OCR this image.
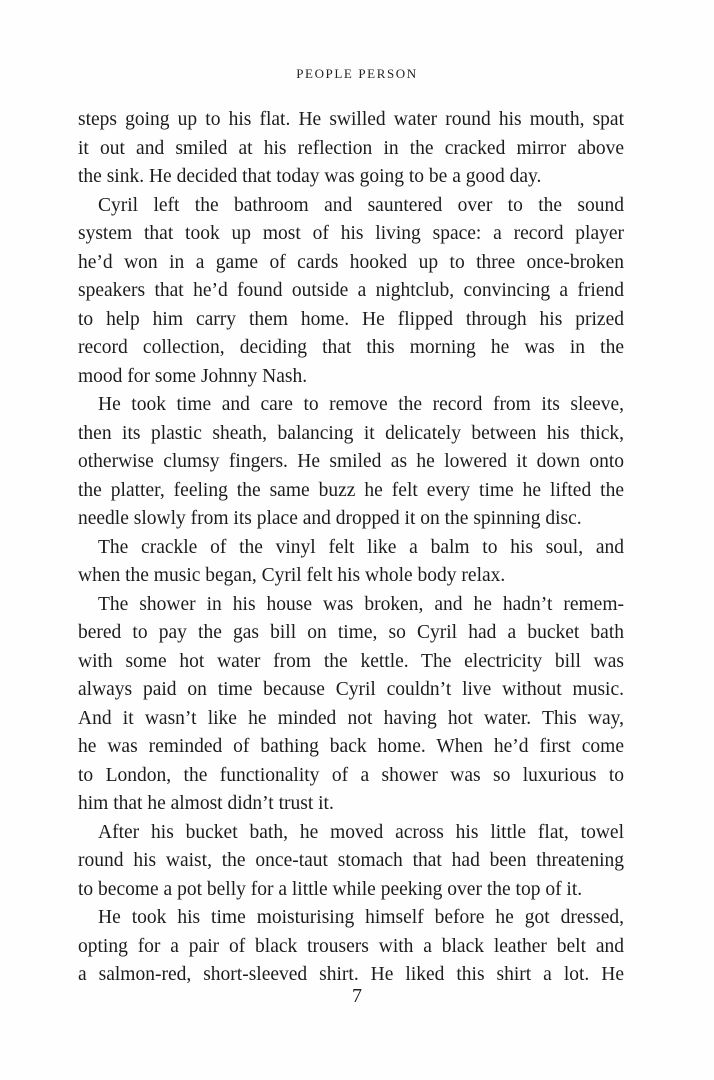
PEOPLE PERSON
steps going up to his flat. He swilled water round his mouth, spat
it out and smiled at his reflection in the cracked mirror above
the sink. He decided that today was going to be a good day.
Cyril left the bathroom and sauntered over to the sound
system that took up most of his living space: a record player
he’d won in a game of cards hooked up to three once-broken
speakers that he’d found outside a nightclub, convincing a friend
to help him carry them home. He flipped through his prized
record collection, deciding that this morning he was in the
mood for some Johnny Nash.
He took time and care to remove the record from its sleeve,
then its plastic sheath, balancing it delicately between his thick,
otherwise clumsy fingers. He smiled as he lowered it down onto
the platter, feeling the same buzz he felt every time he lifted the
needle slowly from its place and dropped it on the spinning disc.
The crackle of the vinyl felt like a balm to his soul, and
when the music began, Cyril felt his whole body relax.
The shower in his house was broken, and he hadn’t remem-
bered to pay the gas bill on time, so Cyril had a bucket bath
with some hot water from the kettle. The electricity bill was
always paid on time because Cyril couldn’t live without music.
And it wasn’t like he minded not having hot water. This way,
he was reminded of bathing back home. When he’d first come
to London, the functionality of a shower was so luxurious to
him that he almost didn’t trust it.
After his bucket bath, he moved across his little flat, towel
round his waist, the once-taut stomach that had been threatening
to become a pot belly for a little while peeking over the top of it.
He took his time moisturising himself before he got dressed,
opting for a pair of black trousers with a black leather belt and
a salmon-red, short-sleeved shirt. He liked this shirt a lot. He
7
